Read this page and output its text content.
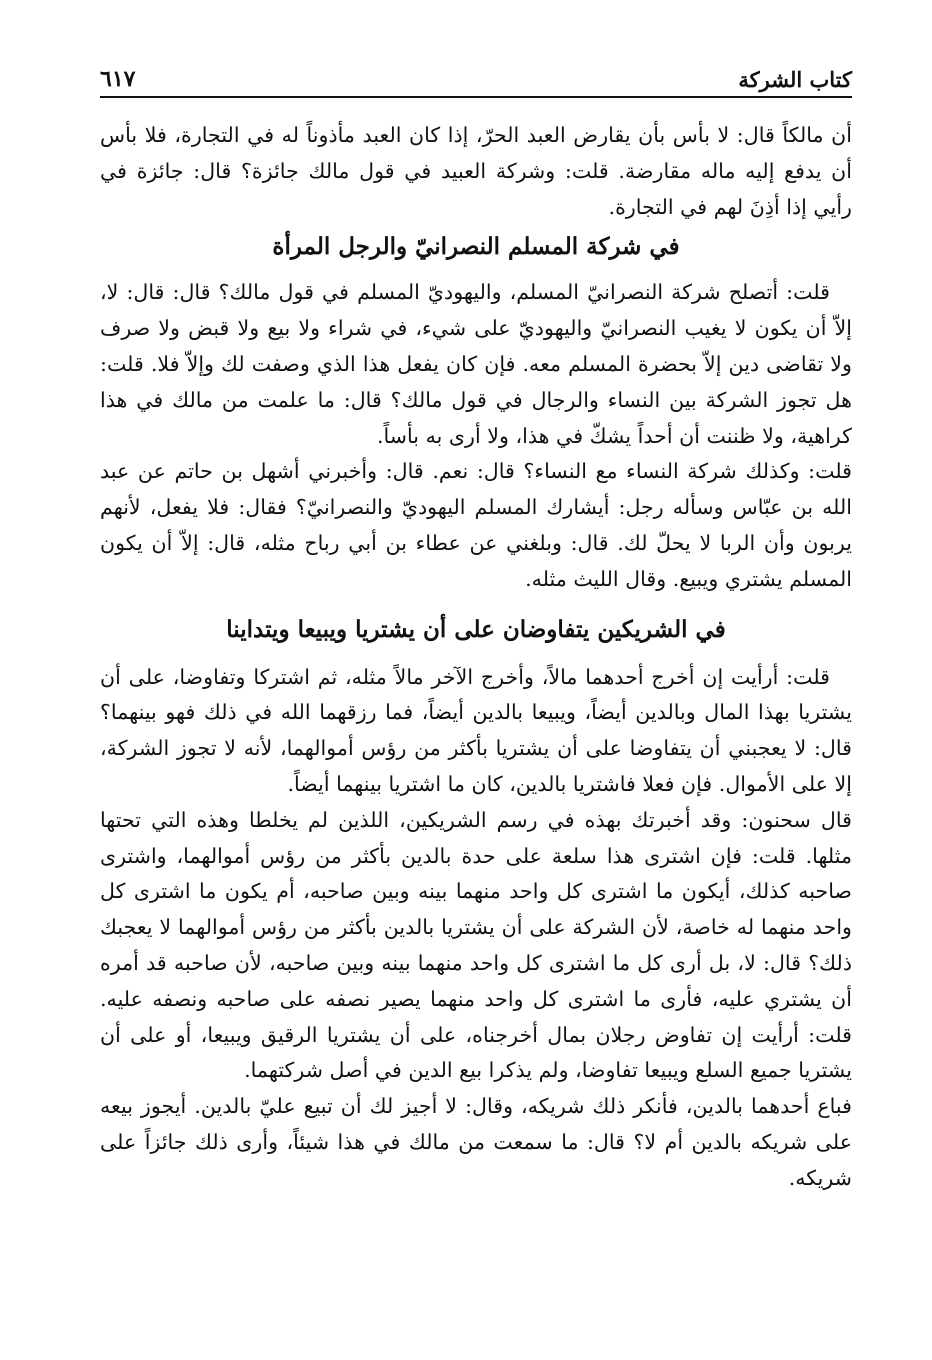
٦١٧	كتاب الشركة

أن مالكاً قال: لا بأس بأن يقارض العبد الحرّ، إذا كان العبد مأذوناً له في التجارة، فلا بأس أن يدفع إليه ماله مقارضة. قلت: وشركة العبيد في قول مالك جائزة؟ قال: جائزة في رأيي إذا أذِنَ لهم في التجارة.

في شركة المسلم النصرانيّ والرجل المرأة

قلت: أتصلح شركة النصرانيّ المسلم، واليهوديّ المسلم في قول مالك؟ قال: قال: لا، إلاّ أن يكون لا يغيب النصرانيّ واليهوديّ على شيء، في شراء ولا بيع ولا قبض ولا صرف ولا تقاضى دين إلاّ بحضرة المسلم معه. فإن كان يفعل هذا الذي وصفت لك وإلاّ فلا. قلت: هل تجوز الشركة بين النساء والرجال في قول مالك؟ قال: ما علمت من مالك في هذا كراهية، ولا ظننت أن أحداً يشكّ في هذا، ولا أرى به بأساً.

قلت: وكذلك شركة النساء مع النساء؟ قال: نعم. قال: وأخبرني أشهل بن حاتم عن عبد الله بن عبّاس وسأله رجل: أيشارك المسلم اليهوديّ والنصرانيّ؟ فقال: فلا يفعل، لأنهم يربون وأن الربا لا يحلّ لك. قال: وبلغني عن عطاء بن أبي رباح مثله، قال: إلاّ أن يكون المسلم يشتري ويبيع. وقال الليث مثله.

في الشريكين يتفاوضان على أن يشتريا ويبيعا ويتداينا

قلت: أرأيت إن أخرج أحدهما مالاً، وأخرج الآخر مالاً مثله، ثم اشتركا وتفاوضا، على أن يشتريا بهذا المال وبالدين أيضاً، ويبيعا بالدين أيضاً، فما رزقهما الله في ذلك فهو بينهما؟ قال: لا يعجبني أن يتفاوضا على أن يشتريا بأكثر من رؤس أموالهما، لأنه لا تجوز الشركة، إلا على الأموال. فإن فعلا فاشتريا بالدين، كان ما اشتريا بينهما أيضاً.

قال سحنون: وقد أخبرتك بهذه في رسم الشريكين، اللذين لم يخلطا وهذه التي تحتها مثلها. قلت: فإن اشترى هذا سلعة على حدة بالدين بأكثر من رؤس أموالهما، واشترى صاحبه كذلك، أيكون ما اشترى كل واحد منهما بينه وبين صاحبه، أم يكون ما اشترى كل واحد منهما له خاصة، لأن الشركة على أن يشتريا بالدين بأكثر من رؤس أموالهما لا يعجبك ذلك؟ قال: لا، بل أرى كل ما اشترى كل واحد منهما بينه وبين صاحبه، لأن صاحبه قد أمره أن يشتري عليه، فأرى ما اشترى كل واحد منهما يصير نصفه على صاحبه ونصفه عليه. قلت: أرأيت إن تفاوض رجلان بمال أخرجناه، على أن يشتريا الرقيق ويبيعا، أو على أن يشتريا جميع السلع ويبيعا تفاوضا، ولم يذكرا بيع الدين في أصل شركتهما.

فباع أحدهما بالدين، فأنكر ذلك شريكه، وقال: لا أجيز لك أن تبيع عليّ بالدين. أيجوز بيعه على شريكه بالدين أم لا؟ قال: ما سمعت من مالك في هذا شيئاً، وأرى ذلك جائزاً على شريكه.
